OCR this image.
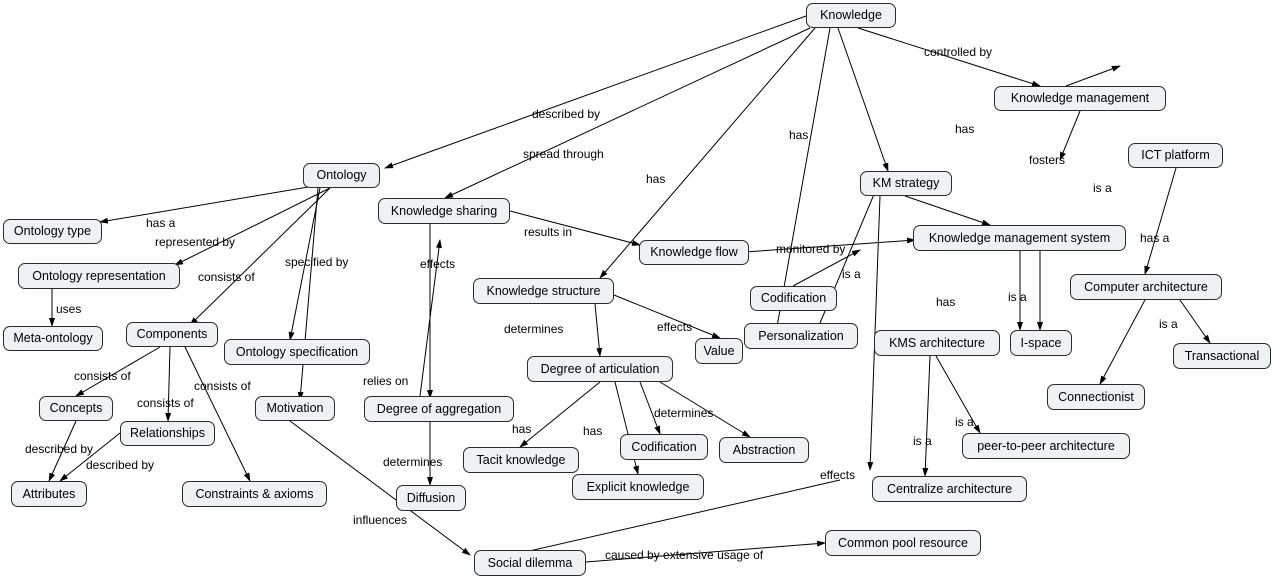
Knowledge
Knowledge management
ICT platform
KM strategy
Ontology
Knowledge sharing
Ontology type	Knowledge management system
Knowledge flow
Ontology representation
Computer architecture
Knowledge structure
Codification
Meta-ontology	Components	Personalization	KMS architecture	I-space
Ontology specification
Degree of articulation
Value	Transactional
Connectionist
Concepts	Motivation	Degree of aggregation
Relationships
Codification	Abstraction	peer-to-peer architecture
Tacit knowledge
Attributes	Constraints & axioms	Explicit knowledge
Diffusion
Centralize architecture
Common pool resource
Social dilemma
controlled by
described by
has
has
spread through	fosters
has
is a
has a
represented by
results in	has a
consists of
specified by	effects
monitored by
is a
uses
determines	effects
has	is a
is a
consists of
consists of
consists of
relies on
determines
is a
is a
has	has
described by
described by	determines
effects
influences
caused by extensive usage of
